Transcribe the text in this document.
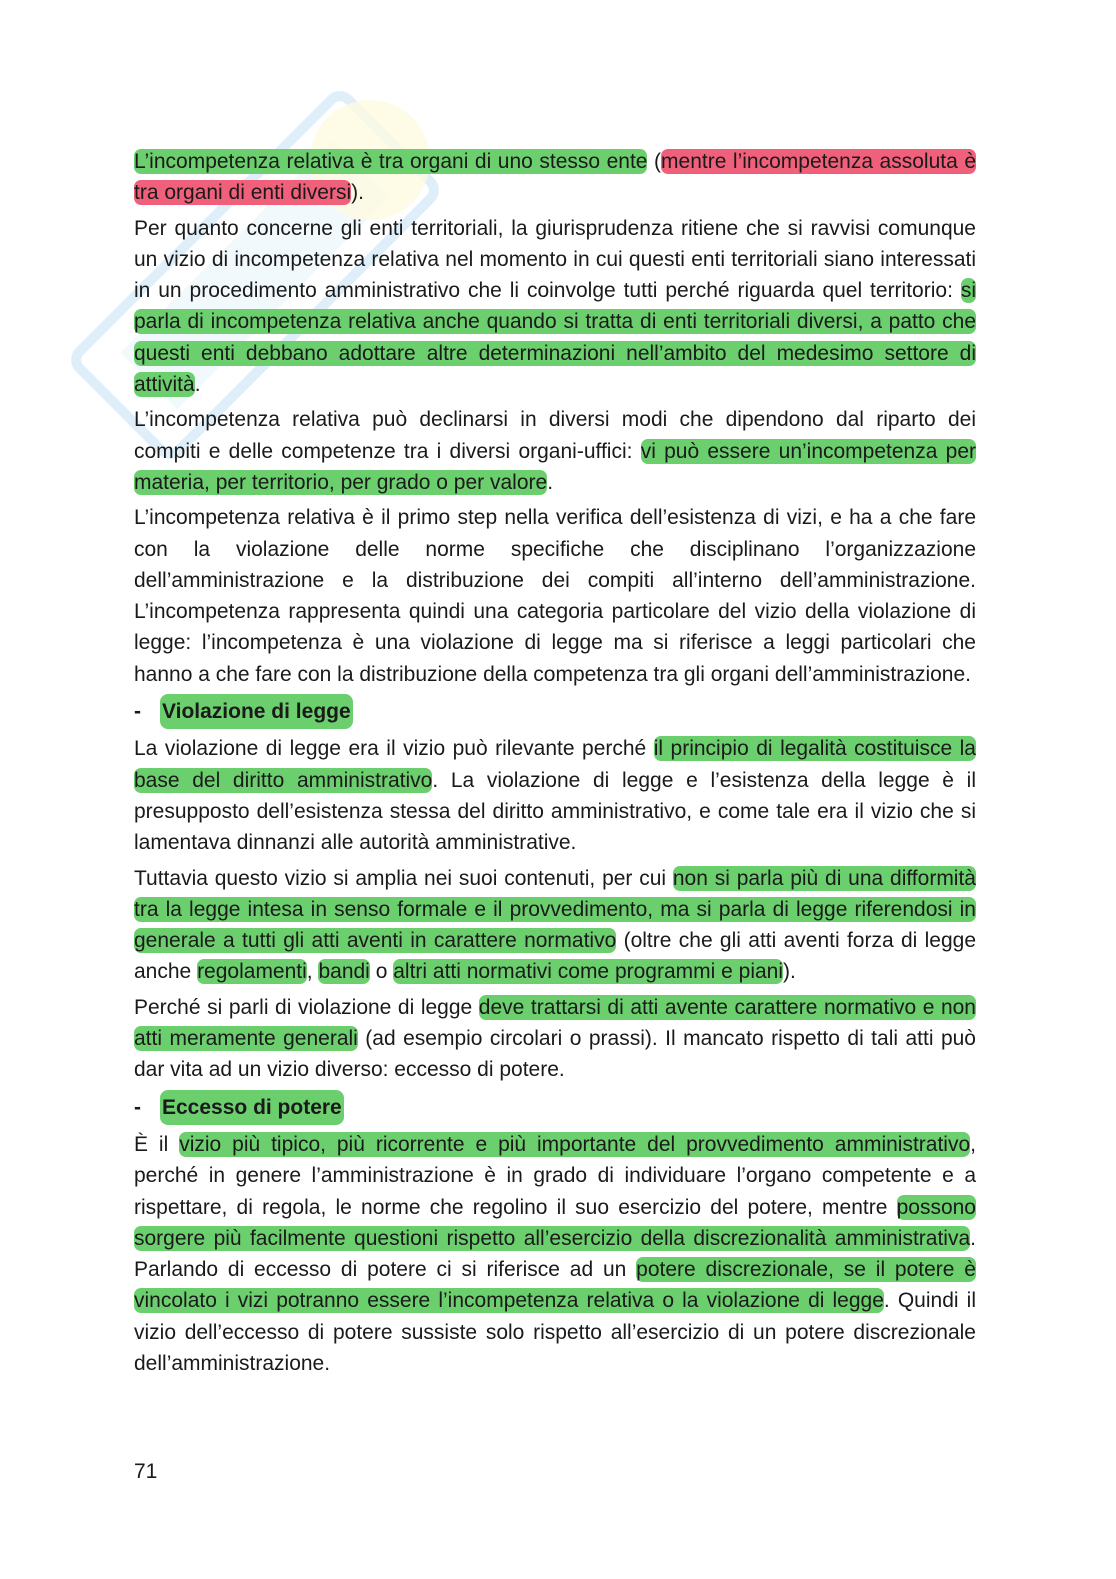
L’incompetenza relativa è tra organi di uno stesso ente (mentre l’incompetenza assoluta è tra organi di enti diversi).

Per quanto concerne gli enti territoriali, la giurisprudenza ritiene che si ravvisi comunque un vizio di incompetenza relativa nel momento in cui questi enti territoriali siano interessati in un procedimento amministrativo che li coinvolge tutti perché riguarda quel territorio: si parla di incompetenza relativa anche quando si tratta di enti territoriali diversi, a patto che questi enti debbano adottare altre determinazioni nell’ambito del medesimo settore di attività.

L’incompetenza relativa può declinarsi in diversi modi che dipendono dal riparto dei compiti e delle competenze tra i diversi organi-uffici: vi può essere un’incompetenza per materia, per territorio, per grado o per valore.

L’incompetenza relativa è il primo step nella verifica dell’esistenza di vizi, e ha a che fare con la violazione delle norme specifiche che disciplinano l’organizzazione dell’amministrazione e la distribuzione dei compiti all’interno dell’amministrazione. L’incompetenza rappresenta quindi una categoria particolare del vizio della violazione di legge: l’incompetenza è una violazione di legge ma si riferisce a leggi particolari che hanno a che fare con la distribuzione della competenza tra gli organi dell’amministrazione.

-	Violazione di legge

La violazione di legge era il vizio può rilevante perché il principio di legalità costituisce la base del diritto amministrativo. La violazione di legge e l’esistenza della legge è il presupposto dell’esistenza stessa del diritto amministrativo, e come tale era il vizio che si lamentava dinnanzi alle autorità amministrative.

Tuttavia questo vizio si amplia nei suoi contenuti, per cui non si parla più di una difformità tra la legge intesa in senso formale e il provvedimento, ma si parla di legge riferendosi in generale a tutti gli atti aventi in carattere normativo (oltre che gli atti aventi forza di legge anche regolamenti, bandi o altri atti normativi come programmi e piani).

Perché si parli di violazione di legge deve trattarsi di atti avente carattere normativo e non atti meramente generali (ad esempio circolari o prassi). Il mancato rispetto di tali atti può dar vita ad un vizio diverso: eccesso di potere.

-	Eccesso di potere

È il vizio più tipico, più ricorrente e più importante del provvedimento amministrativo, perché in genere l’amministrazione è in grado di individuare l’organo competente e a rispettare, di regola, le norme che regolino il suo esercizio del potere, mentre possono sorgere più facilmente questioni rispetto all’esercizio della discrezionalità amministrativa. Parlando di eccesso di potere ci si riferisce ad un potere discrezionale, se il potere è vincolato i vizi potranno essere l’incompetenza relativa o la violazione di legge. Quindi il vizio dell’eccesso di potere sussiste solo rispetto all’esercizio di un potere discrezionale dell’amministrazione.

71
